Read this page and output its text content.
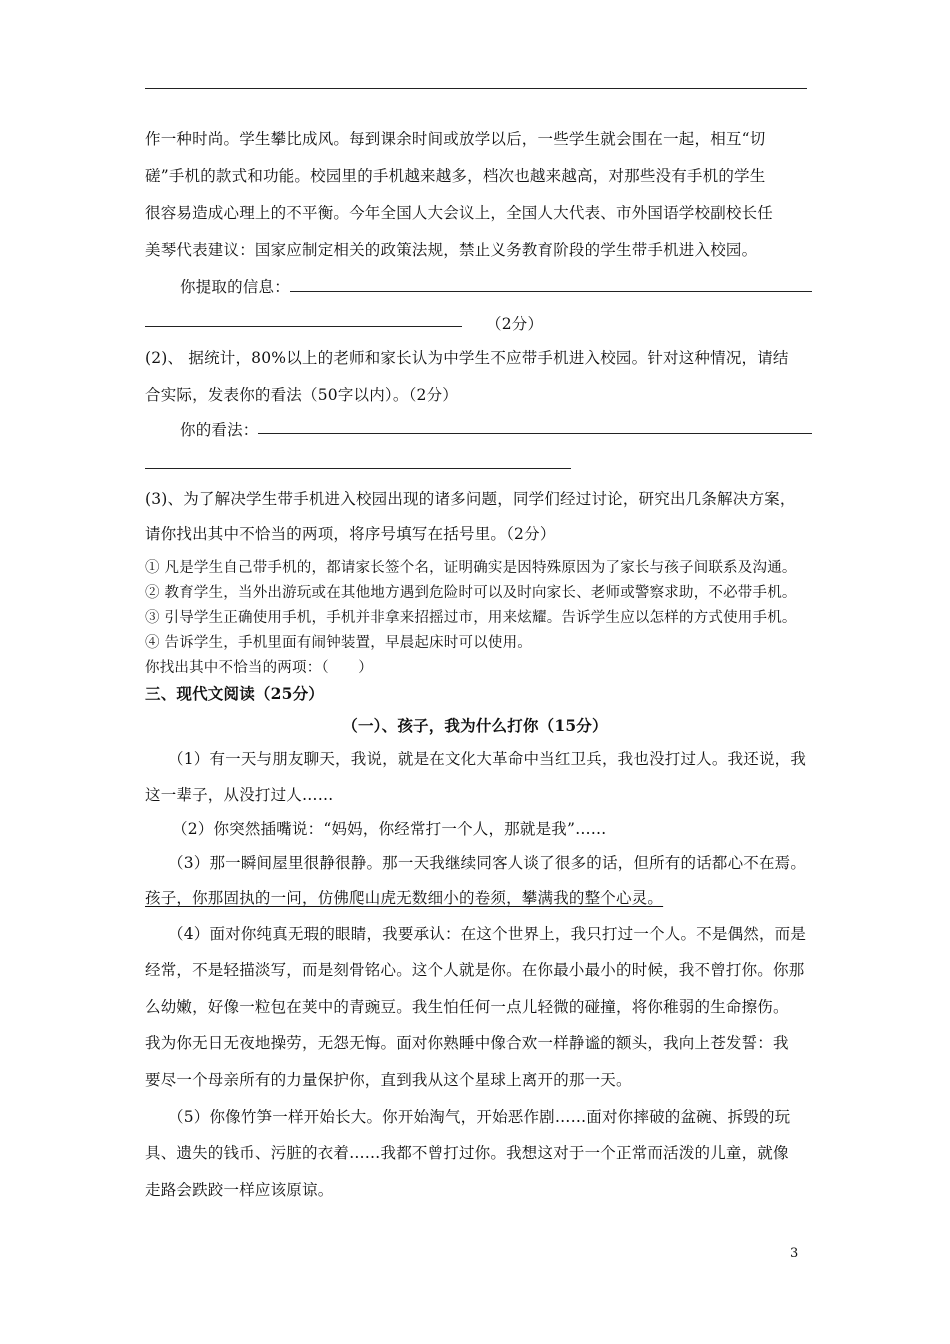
作一种时尚。学生攀比成风。每到课余时间或放学以后，一些学生就会围在一起，相互“切
磋”手机的款式和功能。校园里的手机越来越多，档次也越来越高，对那些没有手机的学生
很容易造成心理上的不平衡。今年全国人大会议上，全国人大代表、市外国语学校副校长任
美琴代表建议：国家应制定相关的政策法规，禁止义务教育阶段的学生带手机进入校园。
你提取的信息：
（2分）
(2)、 据统计，80%以上的老师和家长认为中学生不应带手机进入校园。针对这种情况，请结
合实际，发表你的看法（50字以内）。（2分）
你的看法：
(3)、为了解决学生带手机进入校园出现的诸多问题，同学们经过讨论，研究出几条解决方案，
请你找出其中不恰当的两项，将序号填写在括号里。（2分）
① 凡是学生自己带手机的，都请家长签个名，证明确实是因特殊原因为了家长与孩子间联系及沟通。
② 教育学生，当外出游玩或在其他地方遇到危险时可以及时向家长、老师或警察求助，不必带手机。
③ 引导学生正确使用手机，手机并非拿来招摇过市，用来炫耀。告诉学生应以怎样的方式使用手机。
④ 告诉学生，手机里面有闹钟装置，早晨起床时可以使用。
你找出其中不恰当的两项：（　　）
三、现代文阅读（25分）
（一）、孩子，我为什么打你（15分）
（1）有一天与朋友聊天，我说，就是在文化大革命中当红卫兵，我也没打过人。我还说，我
这一辈子，从没打过人……
（2）你突然插嘴说：“妈妈，你经常打一个人，那就是我”……
（3）那一瞬间屋里很静很静。那一天我继续同客人谈了很多的话，但所有的话都心不在焉。
孩子，你那固执的一问，仿佛爬山虎无数细小的卷须，攀满我的整个心灵。
（4）面对你纯真无瑕的眼睛，我要承认：在这个世界上，我只打过一个人。不是偶然，而是
经常，不是轻描淡写，而是刻骨铭心。这个人就是你。在你最小最小的时候，我不曾打你。你那
么幼嫩，好像一粒包在荚中的青豌豆。我生怕任何一点儿轻微的碰撞，将你稚弱的生命擦伤。
我为你无日无夜地操劳，无怨无悔。面对你熟睡中像合欢一样静谧的额头，我向上苍发誓：我
要尽一个母亲所有的力量保护你，直到我从这个星球上离开的那一天。
（5）你像竹笋一样开始长大。你开始淘气，开始恶作剧……面对你摔破的盆碗、拆毁的玩
具、遗失的钱币、污脏的衣着……我都不曾打过你。我想这对于一个正常而活泼的儿童，就像
走路会跌跤一样应该原谅。
3
